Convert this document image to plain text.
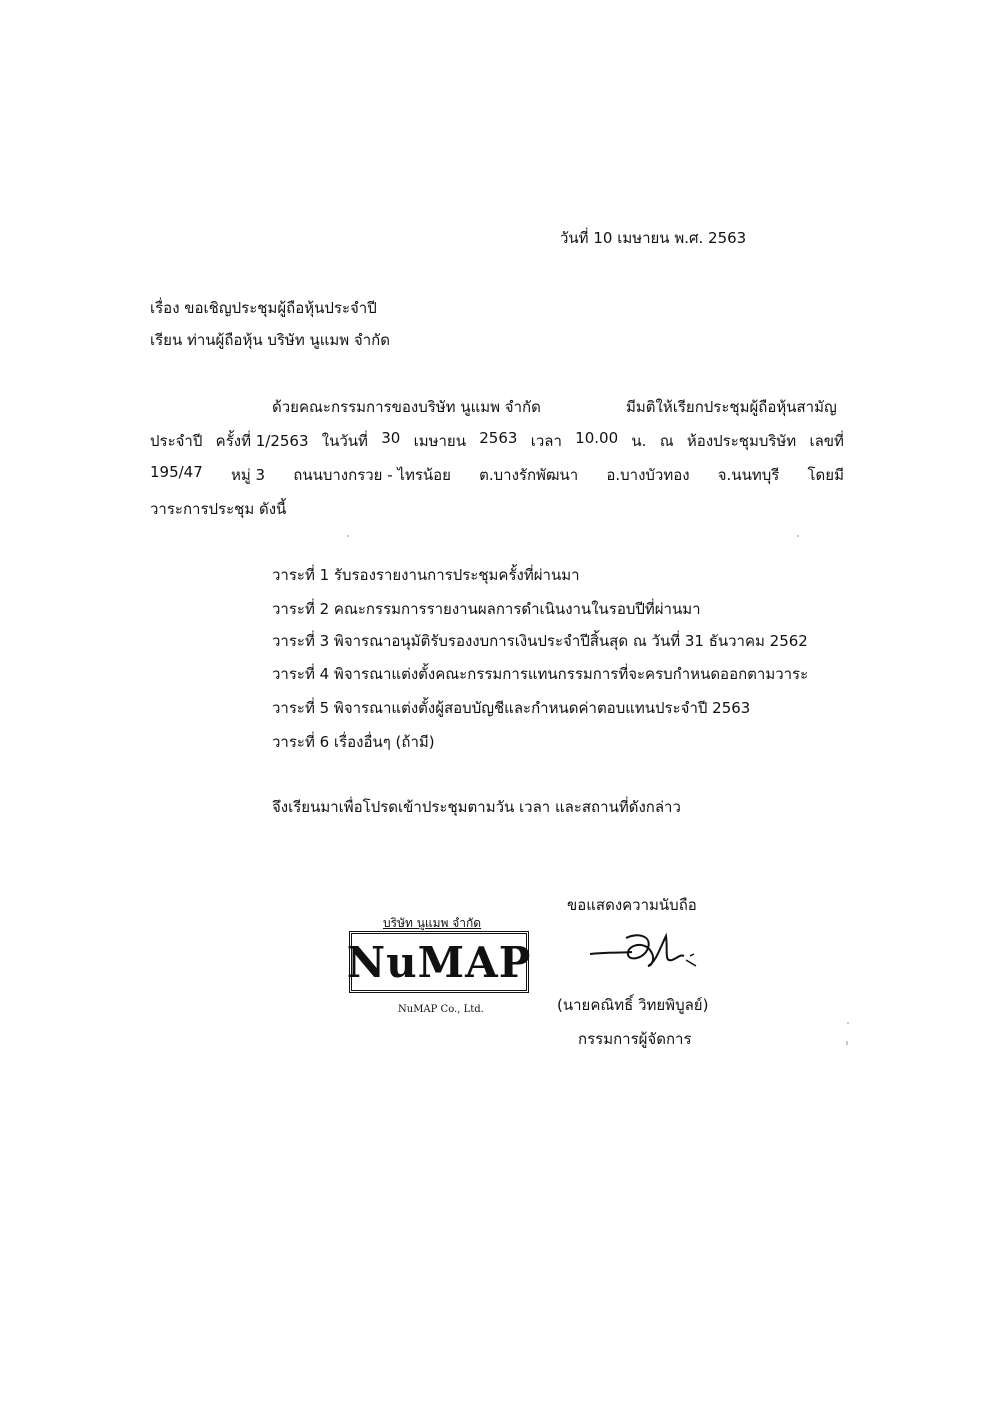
วันที่ 10 เมษายน พ.ศ. 2563
เรื่อง ขอเชิญประชุมผู้ถือหุ้นประจำปี
เรียน ท่านผู้ถือหุ้น บริษัท นูแมพ จำกัด
ด้วยคณะกรรมการของบริษัท นูแมพ จำกัด	มีมติให้เรียกประชุมผู้ถือหุ้นสามัญ
ประจำปี ครั้งที่ 1/2563 ในวันที่ 30 เมษายน 2563 เวลา 10.00 น. ณ ห้องประชุมบริษัท เลขที่
195/47 หมู่ 3 ถนนบางกรวย - ไทรน้อย ต.บางรักพัฒนา อ.บางบัวทอง จ.นนทบุรี โดยมี
วาระการประชุม ดังนี้
วาระที่ 1 รับรองรายงานการประชุมครั้งที่ผ่านมา
วาระที่ 2 คณะกรรมการรายงานผลการดำเนินงานในรอบปีที่ผ่านมา
วาระที่ 3 พิจารณาอนุมัติรับรองงบการเงินประจำปีสิ้นสุด ณ วันที่ 31 ธันวาคม 2562
วาระที่ 4 พิจารณาแต่งตั้งคณะกรรมการแทนกรรมการที่จะครบกำหนดออกตามวาระ
วาระที่ 5 พิจารณาแต่งตั้งผู้สอบบัญชีและกำหนดค่าตอบแทนประจำปี 2563
วาระที่ 6 เรื่องอื่นๆ (ถ้ามี)
จึงเรียนมาเพื่อโปรดเข้าประชุมตามวัน เวลา และสถานที่ดังกล่าว
ขอแสดงความนับถือ
บริษัท นูแมพ จำกัด
NuMAP
NuMAP Co., Ltd.	(นายคณิทธิ์ วิทยพิบูลย์)
กรรมการผู้จัดการ
